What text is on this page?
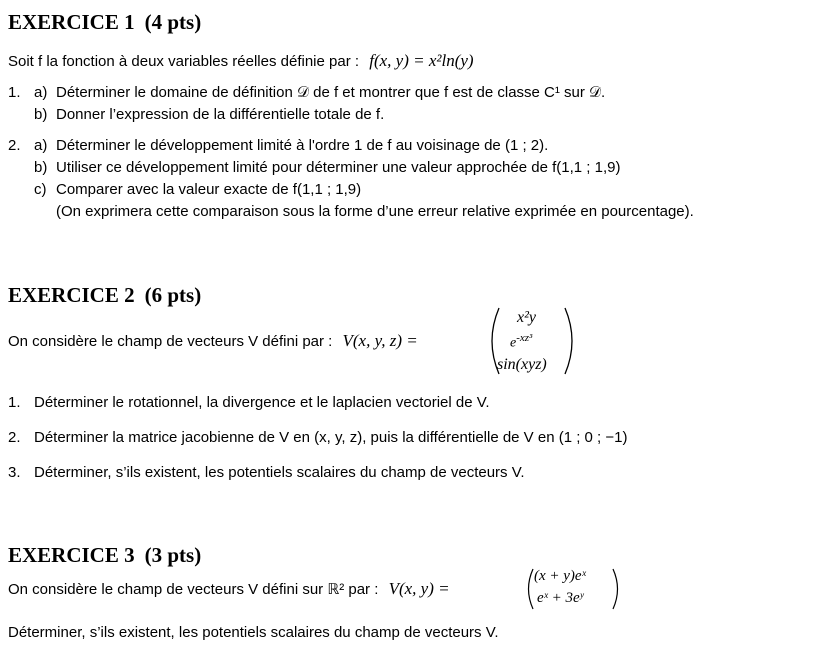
EXERCICE 1 (4 pts)
Soit f la fonction à deux variables réelles définie par : f(x, y) = x²ln(y)
1. a) Déterminer le domaine de définition 𝒟 de f et montrer que f est de classe C¹ sur 𝒟.
b) Donner l’expression de la différentielle totale de f.
2. a) Déterminer le développement limité à l'ordre 1 de f au voisinage de (1 ; 2).
b) Utiliser ce développement limité pour déterminer une valeur approchée de f(1,1 ; 1,9)
c) Comparer avec la valeur exacte de f(1,1 ; 1,9)
(On exprimera cette comparaison sous la forme d’une erreur relative exprimée en pourcentage).
EXERCICE 2 (6 pts)
On considère le champ de vecteurs V défini par : V(x, y, z) =
x²y
$e^{-xz^3}$
sin(xyz)
1. Déterminer le rotationnel, la divergence et le laplacien vectoriel de V.
2. Déterminer la matrice jacobienne de V en (x, y, z), puis la différentielle de V en (1 ; 0 ; −1)
3. Déterminer, s’ils existent, les potentiels scalaires du champ de vecteurs V.
EXERCICE 3 (3 pts)
On considère le champ de vecteurs V défini sur ℝ² par : V(x, y) =
(x + y)eˣ
eˣ + 3eʸ
Déterminer, s’ils existent, les potentiels scalaires du champ de vecteurs V.
